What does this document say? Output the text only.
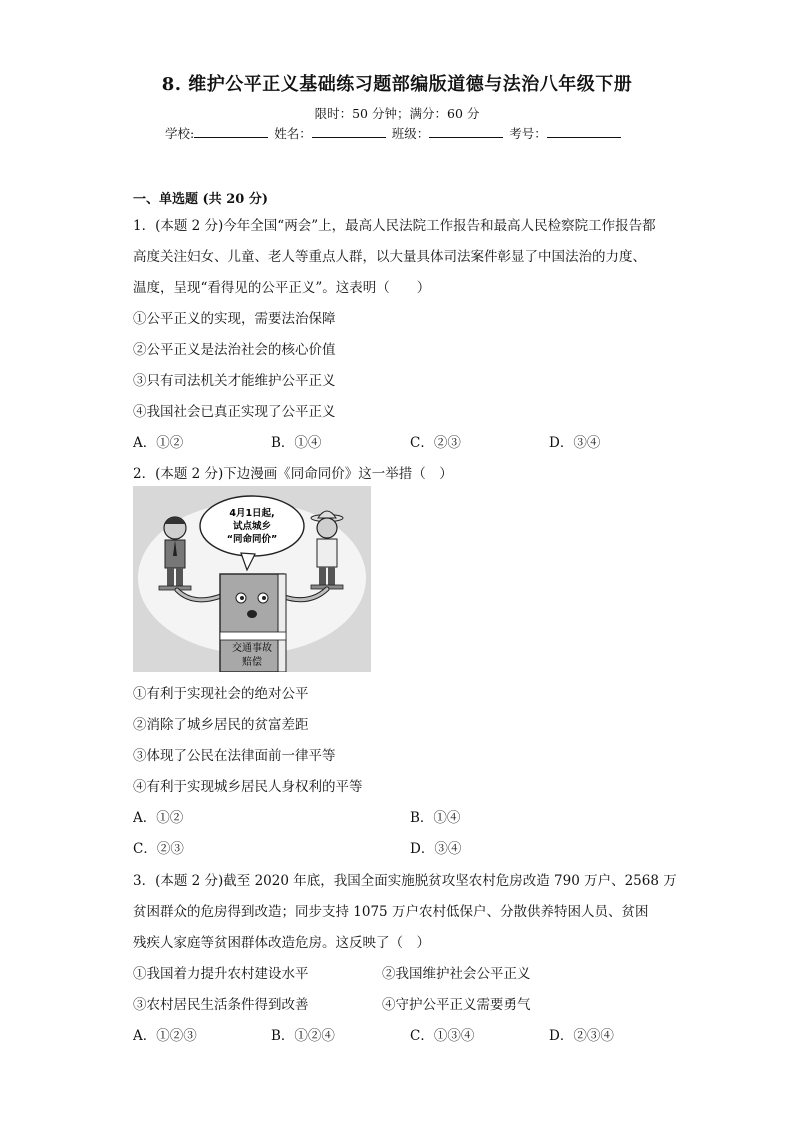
8. 维护公平正义基础练习题部编版道德与法治八年级下册
限时：50 分钟；满分：60 分
学校:	姓名：	班级：	考号：
一、单选题 (共 20 分)
1．(本题 2 分)今年全国“两会”上，最高人民法院工作报告和最高人民检察院工作报告都
高度关注妇女、儿童、老人等重点人群，以大量具体司法案件彰显了中国法治的力度、
温度，呈现“看得见的公平正义”。这表明（　　）
①公平正义的实现，需要法治保障
②公平正义是法治社会的核心价值
③只有司法机关才能维护公平正义
④我国社会已真正实现了公平正义
A．①②	B．①④	C．②③	D．③④
2．(本题 2 分)下边漫画《同命同价》这一举措（　）
4月1日起,
试点城乡
“同命同价”
交通事故
赔偿
①有利于实现社会的绝对公平
②消除了城乡居民的贫富差距
③体现了公民在法律面前一律平等
④有利于实现城乡居民人身权利的平等
A．①②	B．①④
C．②③	D．③④
3．(本题 2 分)截至 2020 年底，我国全面实施脱贫攻坚农村危房改造 790 万户、2568 万
贫困群众的危房得到改造；同步支持 1075 万户农村低保户、分散供养特困人员、贫困
残疾人家庭等贫困群体改造危房。这反映了（　）
①我国着力提升农村建设水平	②我国维护社会公平正义
③农村居民生活条件得到改善	④守护公平正义需要勇气
A．①②③	B．①②④	C．①③④	D．②③④
